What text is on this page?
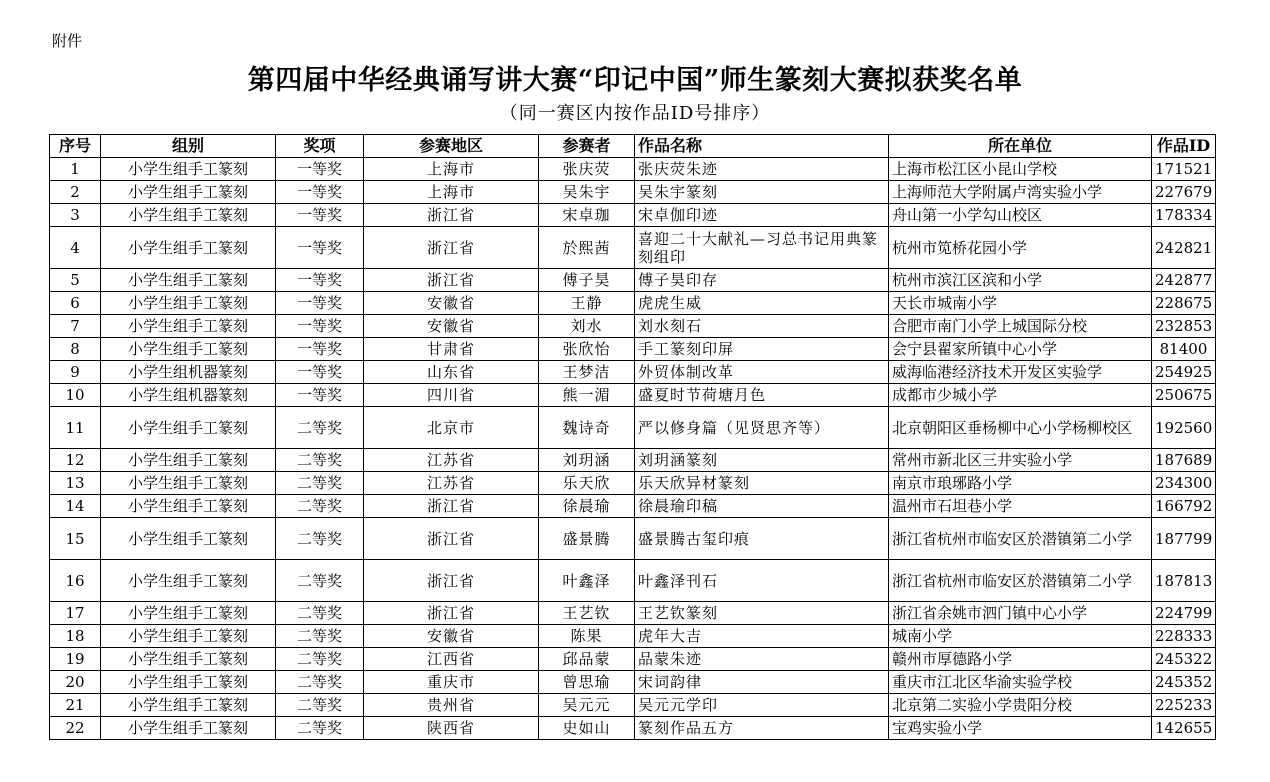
附件
第四届中华经典诵写讲大赛“印记中国”师生篆刻大赛拟获奖名单
（同一赛区内按作品ID号排序）
序号	组别	奖项	参赛地区	参赛者	作品名称	所在单位	作品ID
1	小学生组手工篆刻	一等奖	上海市	张庆荧	张庆荧朱迹	上海市松江区小昆山学校	171521
2	小学生组手工篆刻	一等奖	上海市	吴朱宇	吴朱宇篆刻	上海师范大学附属卢湾实验小学	227679
3	小学生组手工篆刻	一等奖	浙江省	宋卓珈	宋卓伽印迹	舟山第一小学勾山校区	178334
4	小学生组手工篆刻	一等奖	浙江省	於熙茜	喜迎二十大献礼—习总书记用典篆刻组印	杭州市笕桥花园小学	242821
5	小学生组手工篆刻	一等奖	浙江省	傅子昊	傅子昊印存	杭州市滨江区滨和小学	242877
6	小学生组手工篆刻	一等奖	安徽省	王静	虎虎生威	天长市城南小学	228675
7	小学生组手工篆刻	一等奖	安徽省	刘水	刘水刻石	合肥市南门小学上城国际分校	232853
8	小学生组手工篆刻	一等奖	甘肃省	张欣怡	手工篆刻印屏	会宁县翟家所镇中心小学	81400
9	小学生组机器篆刻	一等奖	山东省	王梦洁	外贸体制改革	威海临港经济技术开发区实验学	254925
10	小学生组机器篆刻	一等奖	四川省	熊一湄	盛夏时节荷塘月色	成都市少城小学	250675
11	小学生组手工篆刻	二等奖	北京市	魏诗奇	严以修身篇（见贤思齐等）	北京朝阳区垂杨柳中心小学杨柳校区	192560
12	小学生组手工篆刻	二等奖	江苏省	刘玥涵	刘玥涵篆刻	常州市新北区三井实验小学	187689
13	小学生组手工篆刻	二等奖	江苏省	乐天欣	乐天欣异材篆刻	南京市琅琊路小学	234300
14	小学生组手工篆刻	二等奖	浙江省	徐晨瑜	徐晨瑜印稿	温州市石坦巷小学	166792
15	小学生组手工篆刻	二等奖	浙江省	盛景腾	盛景腾古玺印痕	浙江省杭州市临安区於潜镇第二小学	187799
16	小学生组手工篆刻	二等奖	浙江省	叶鑫泽	叶鑫泽刊石	浙江省杭州市临安区於潜镇第二小学	187813
17	小学生组手工篆刻	二等奖	浙江省	王艺钦	王艺钦篆刻	浙江省余姚市泗门镇中心小学	224799
18	小学生组手工篆刻	二等奖	安徽省	陈果	虎年大吉	城南小学	228333
19	小学生组手工篆刻	二等奖	江西省	邱品蒙	品蒙朱迹	赣州市厚德路小学	245322
20	小学生组手工篆刻	二等奖	重庆市	曾思瑜	宋词韵律	重庆市江北区华渝实验学校	245352
21	小学生组手工篆刻	二等奖	贵州省	吴元元	吴元元学印	北京第二实验小学贵阳分校	225233
22	小学生组手工篆刻	二等奖	陕西省	史如山	篆刻作品五方	宝鸡实验小学	142655
